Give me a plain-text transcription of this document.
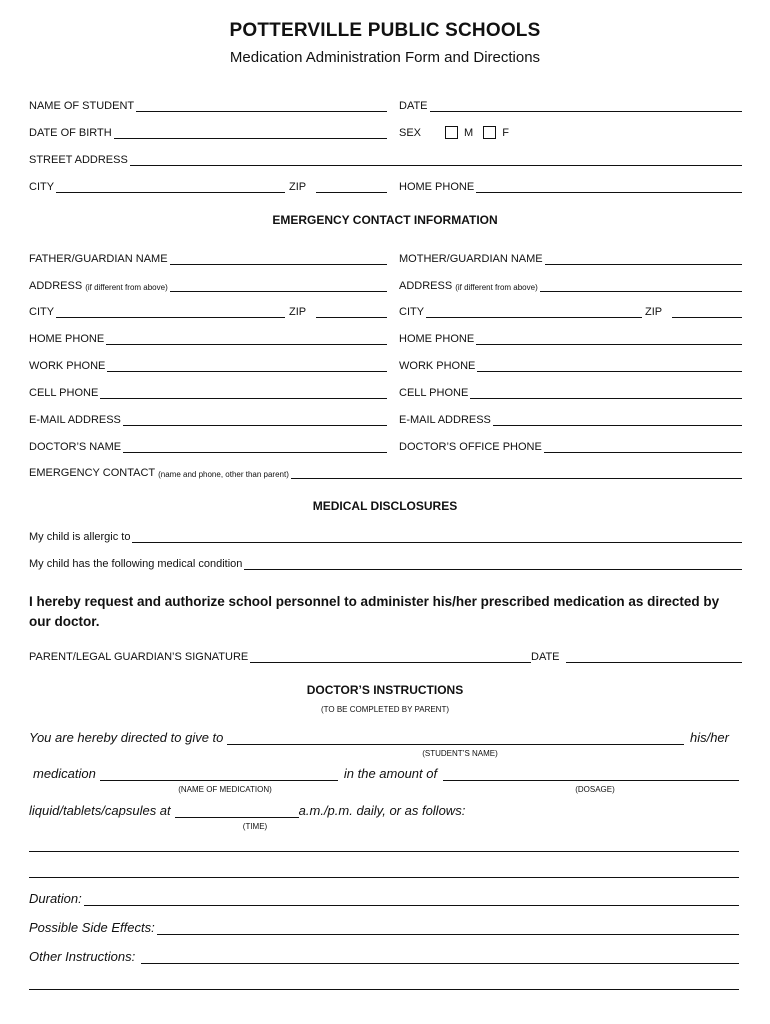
POTTERVILLE PUBLIC SCHOOLS
Medication Administration Form and Directions
NAME OF STUDENT	DATE
DATE OF BIRTH	SEX	M	F
STREET ADDRESS
CITY	ZIP	HOME PHONE
EMERGENCY CONTACT INFORMATION
FATHER/GUARDIAN NAME	MOTHER/GUARDIAN NAME
ADDRESS (if different from above)	ADDRESS (if different from above)
CITY	ZIP	CITY	ZIP
HOME PHONE	HOME PHONE
WORK PHONE	WORK PHONE
CELL PHONE	CELL PHONE
E-MAIL ADDRESS	E-MAIL ADDRESS
DOCTOR’S NAME	DOCTOR’S OFFICE PHONE
EMERGENCY CONTACT (name and phone, other than parent)
MEDICAL DISCLOSURES
My child is allergic to
My child has the following medical condition
I hereby request and authorize school personnel to administer his/her prescribed medication as directed by our doctor.
PARENT/LEGAL GUARDIAN’S SIGNATURE	DATE
DOCTOR’S INSTRUCTIONS
(TO BE COMPLETED BY PARENT)
You are hereby directed to give to	his/her
(STUDENT’S NAME)
medication	in the amount of
(NAME OF MEDICATION)	(DOSAGE)
liquid/tablets/capsules at	a.m./p.m. daily, or as follows:
(TIME)
Duration:
Possible Side Effects:
Other Instructions:
